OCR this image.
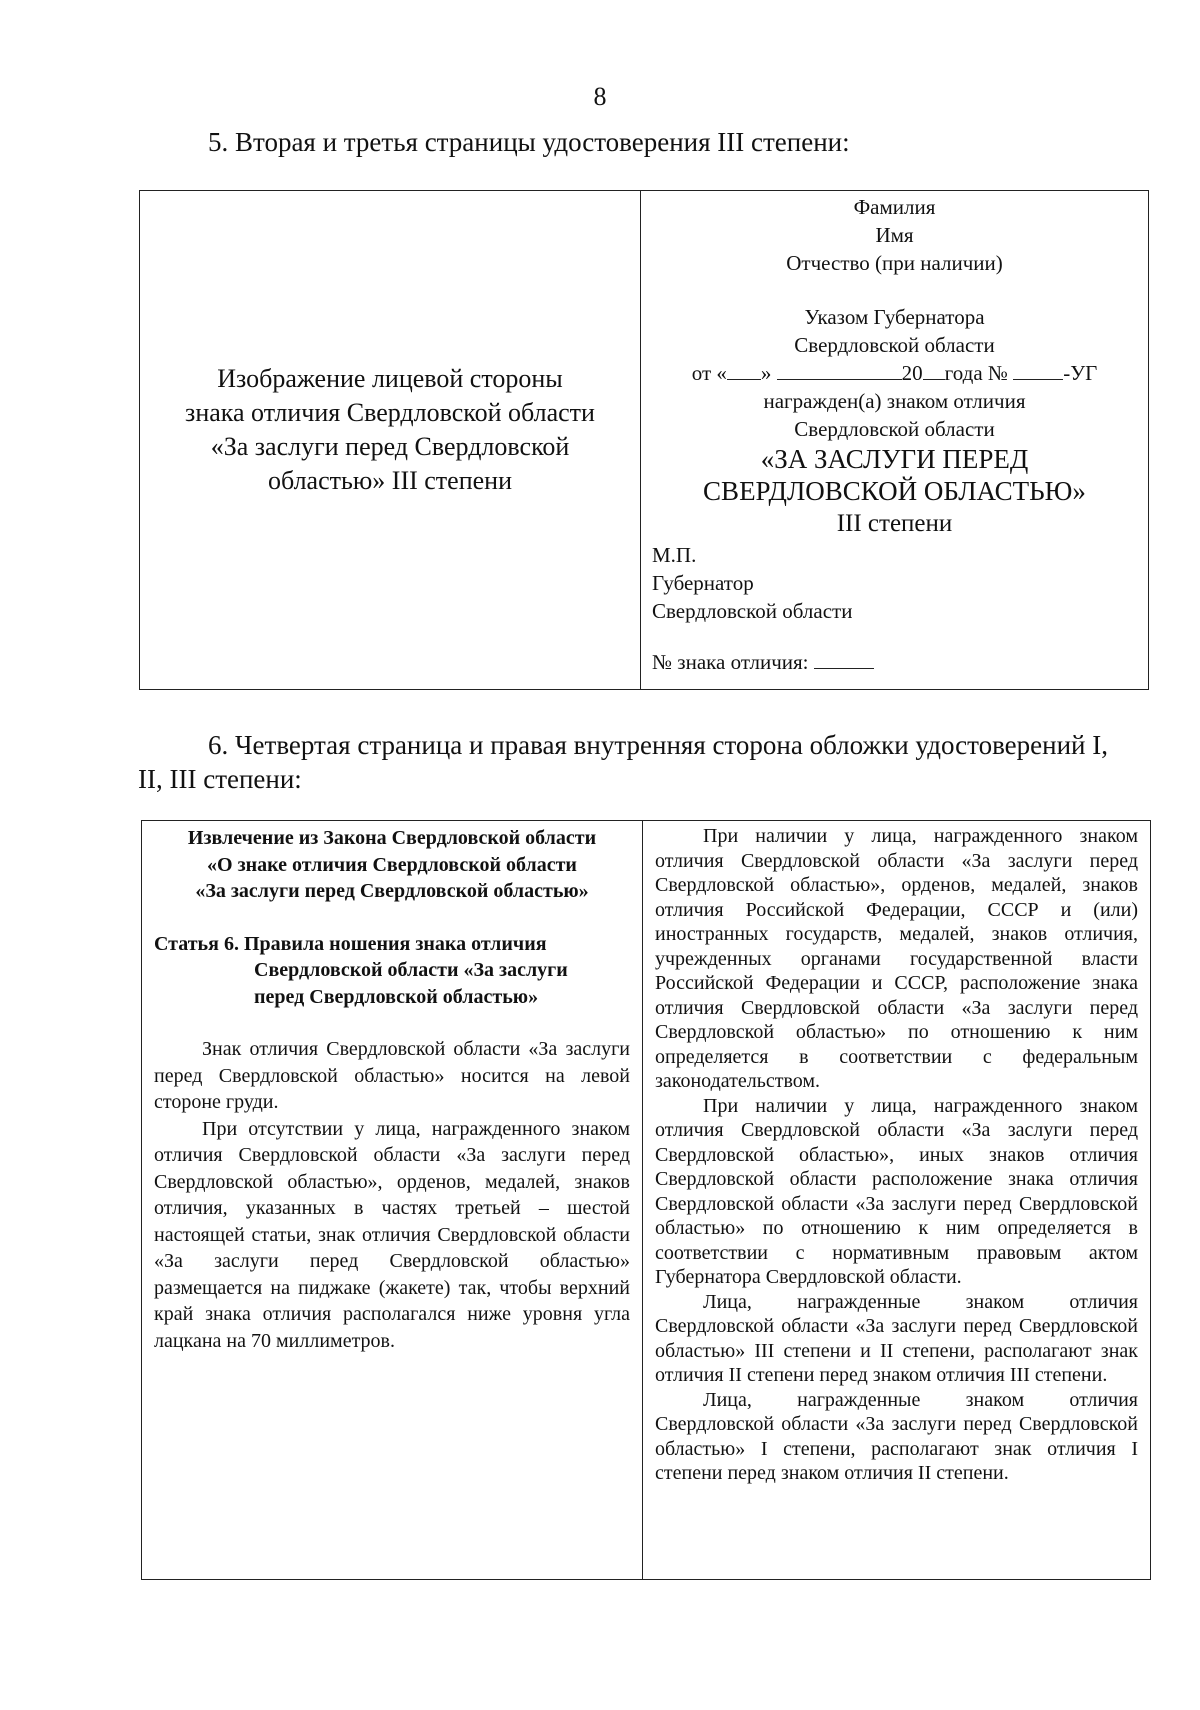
8
5. Вторая и третья страницы удостоверения III степени:
Изображение лицевой стороны
знака отличия Свердловской области
«За заслуги перед Свердловской
областью» III степени
Фамилия
Имя
Отчество (при наличии)
Указом Губернатора
Свердловской области
от « »	20 года №	-УГ
награжден(а) знаком отличия
Свердловской области
«ЗА ЗАСЛУГИ ПЕРЕД
СВЕРДЛОВСКОЙ ОБЛАСТЬЮ»
III степени
М.П.
Губернатор
Свердловской области
№ знака отличия:
6. Четвертая страница и правая внутренняя сторона обложки удостоверений I, II, III степени:
Извлечение из Закона Свердловской области
«О знаке отличия Свердловской области
«За заслуги перед Свердловской областью»
Статья 6. Правила ношения знака отличия
Свердловской области «За заслуги
перед Свердловской областью»

Знак отличия Свердловской области «За заслуги перед Свердловской областью» носится на левой стороне груди.

При отсутствии у лица, награжденного знаком отличия Свердловской области «За заслуги перед Свердловской областью», орденов, медалей, знаков отличия, указанных в частях третьей – шестой настоящей статьи, знак отличия Свердловской области «За заслуги перед Свердловской областью» размещается на пиджаке (жакете) так, чтобы верхний край знака отличия располагался ниже уровня угла лацкана на 70 миллиметров.

При наличии у лица, награжденного знаком отличия Свердловской области «За заслуги перед Свердловской областью», орденов, медалей, знаков отличия Российской Федерации, СССР и (или) иностранных государств, медалей, знаков отличия, учрежденных органами государственной власти Российской Федерации и СССР, расположение знака отличия Свердловской области «За заслуги перед Свердловской областью» по отношению к ним определяется в соответствии с федеральным законодательством.

При наличии у лица, награжденного знаком отличия Свердловской области «За заслуги перед Свердловской областью», иных знаков отличия Свердловской области расположение знака отличия Свердловской области «За заслуги перед Свердловской областью» по отношению к ним определяется в соответствии с нормативным правовым актом Губернатора Свердловской области.

Лица, награжденные знаком отличия Свердловской области «За заслуги перед Свердловской областью» III степени и II степени, располагают знак отличия II степени перед знаком отличия III степени.

Лица, награжденные знаком отличия Свердловской области «За заслуги перед Свердловской областью» I степени, располагают знак отличия I степени перед знаком отличия II степени.
